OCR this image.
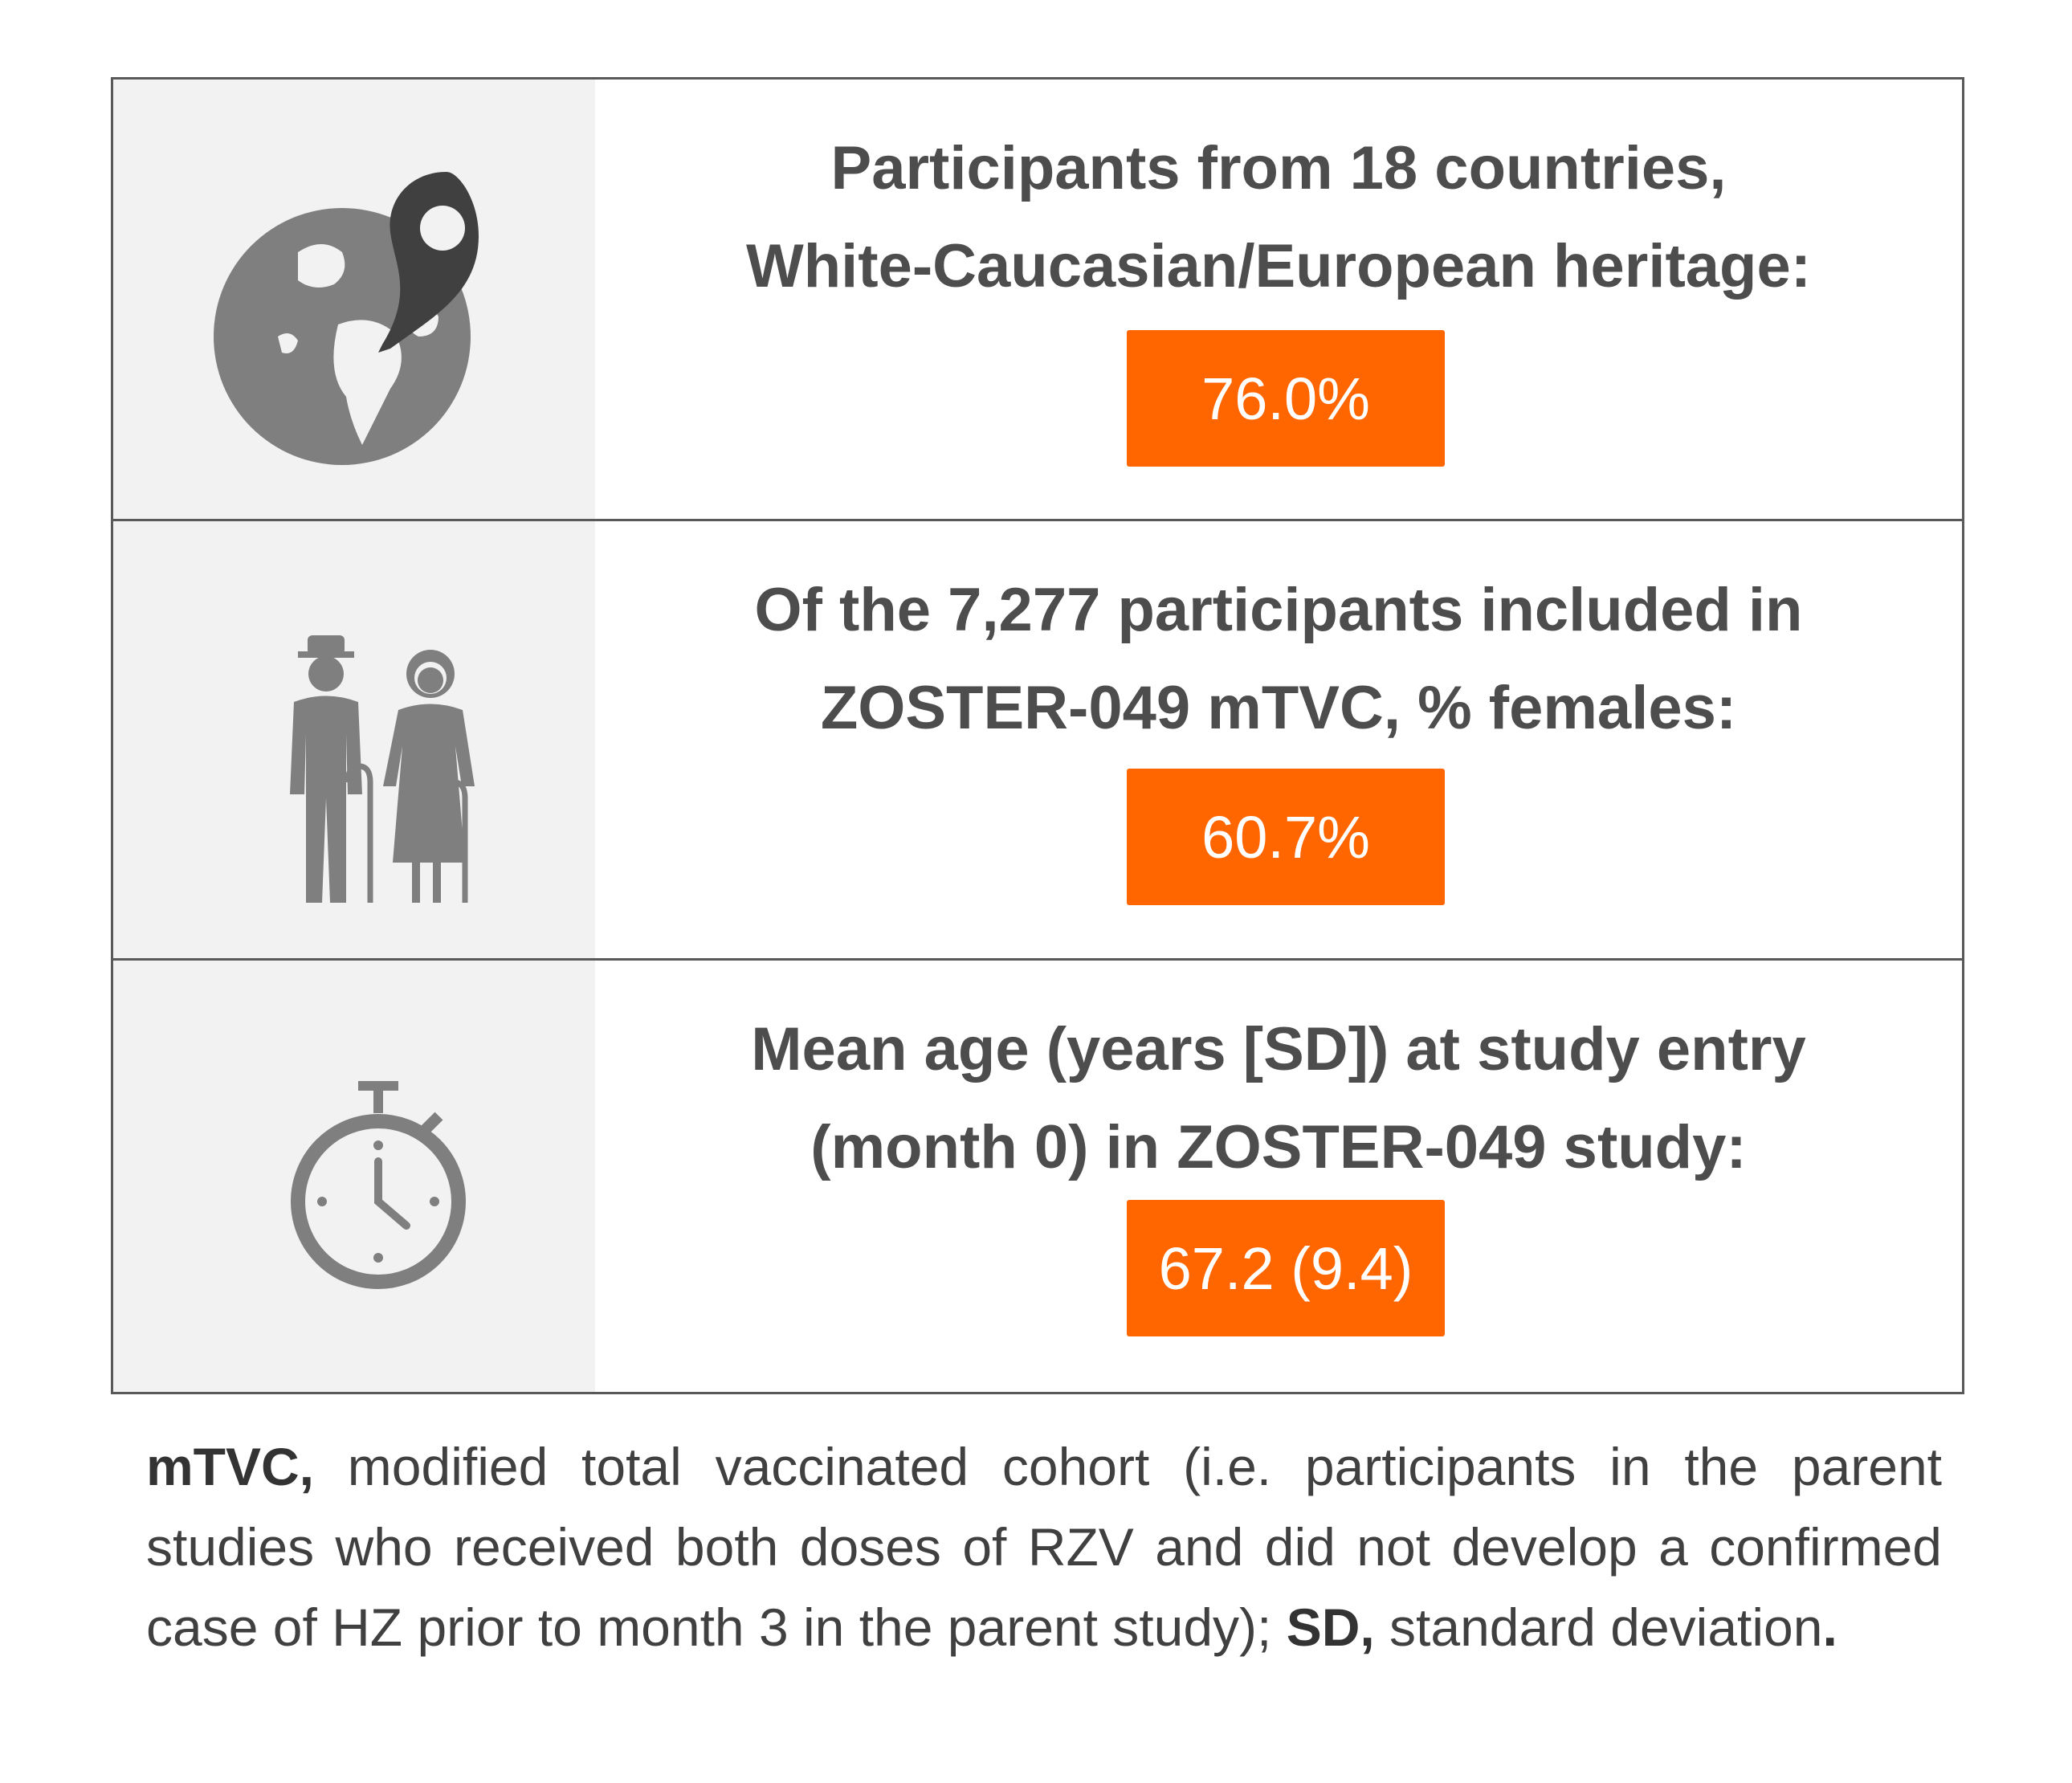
Participants from 18 countries,
White-Caucasian/European heritage:
76.0%
Of the 7,277 participants included in
ZOSTER-049 mTVC, % females:
60.7%
Mean age (years [SD]) at study entry
(month 0) in ZOSTER-049 study:
67.2 (9.4)
mTVC, modified total vaccinated cohort (i.e. participants in the parent studies who received both doses of RZV and did not develop a confirmed case of HZ prior to month 3 in the parent study); SD, standard deviation.
